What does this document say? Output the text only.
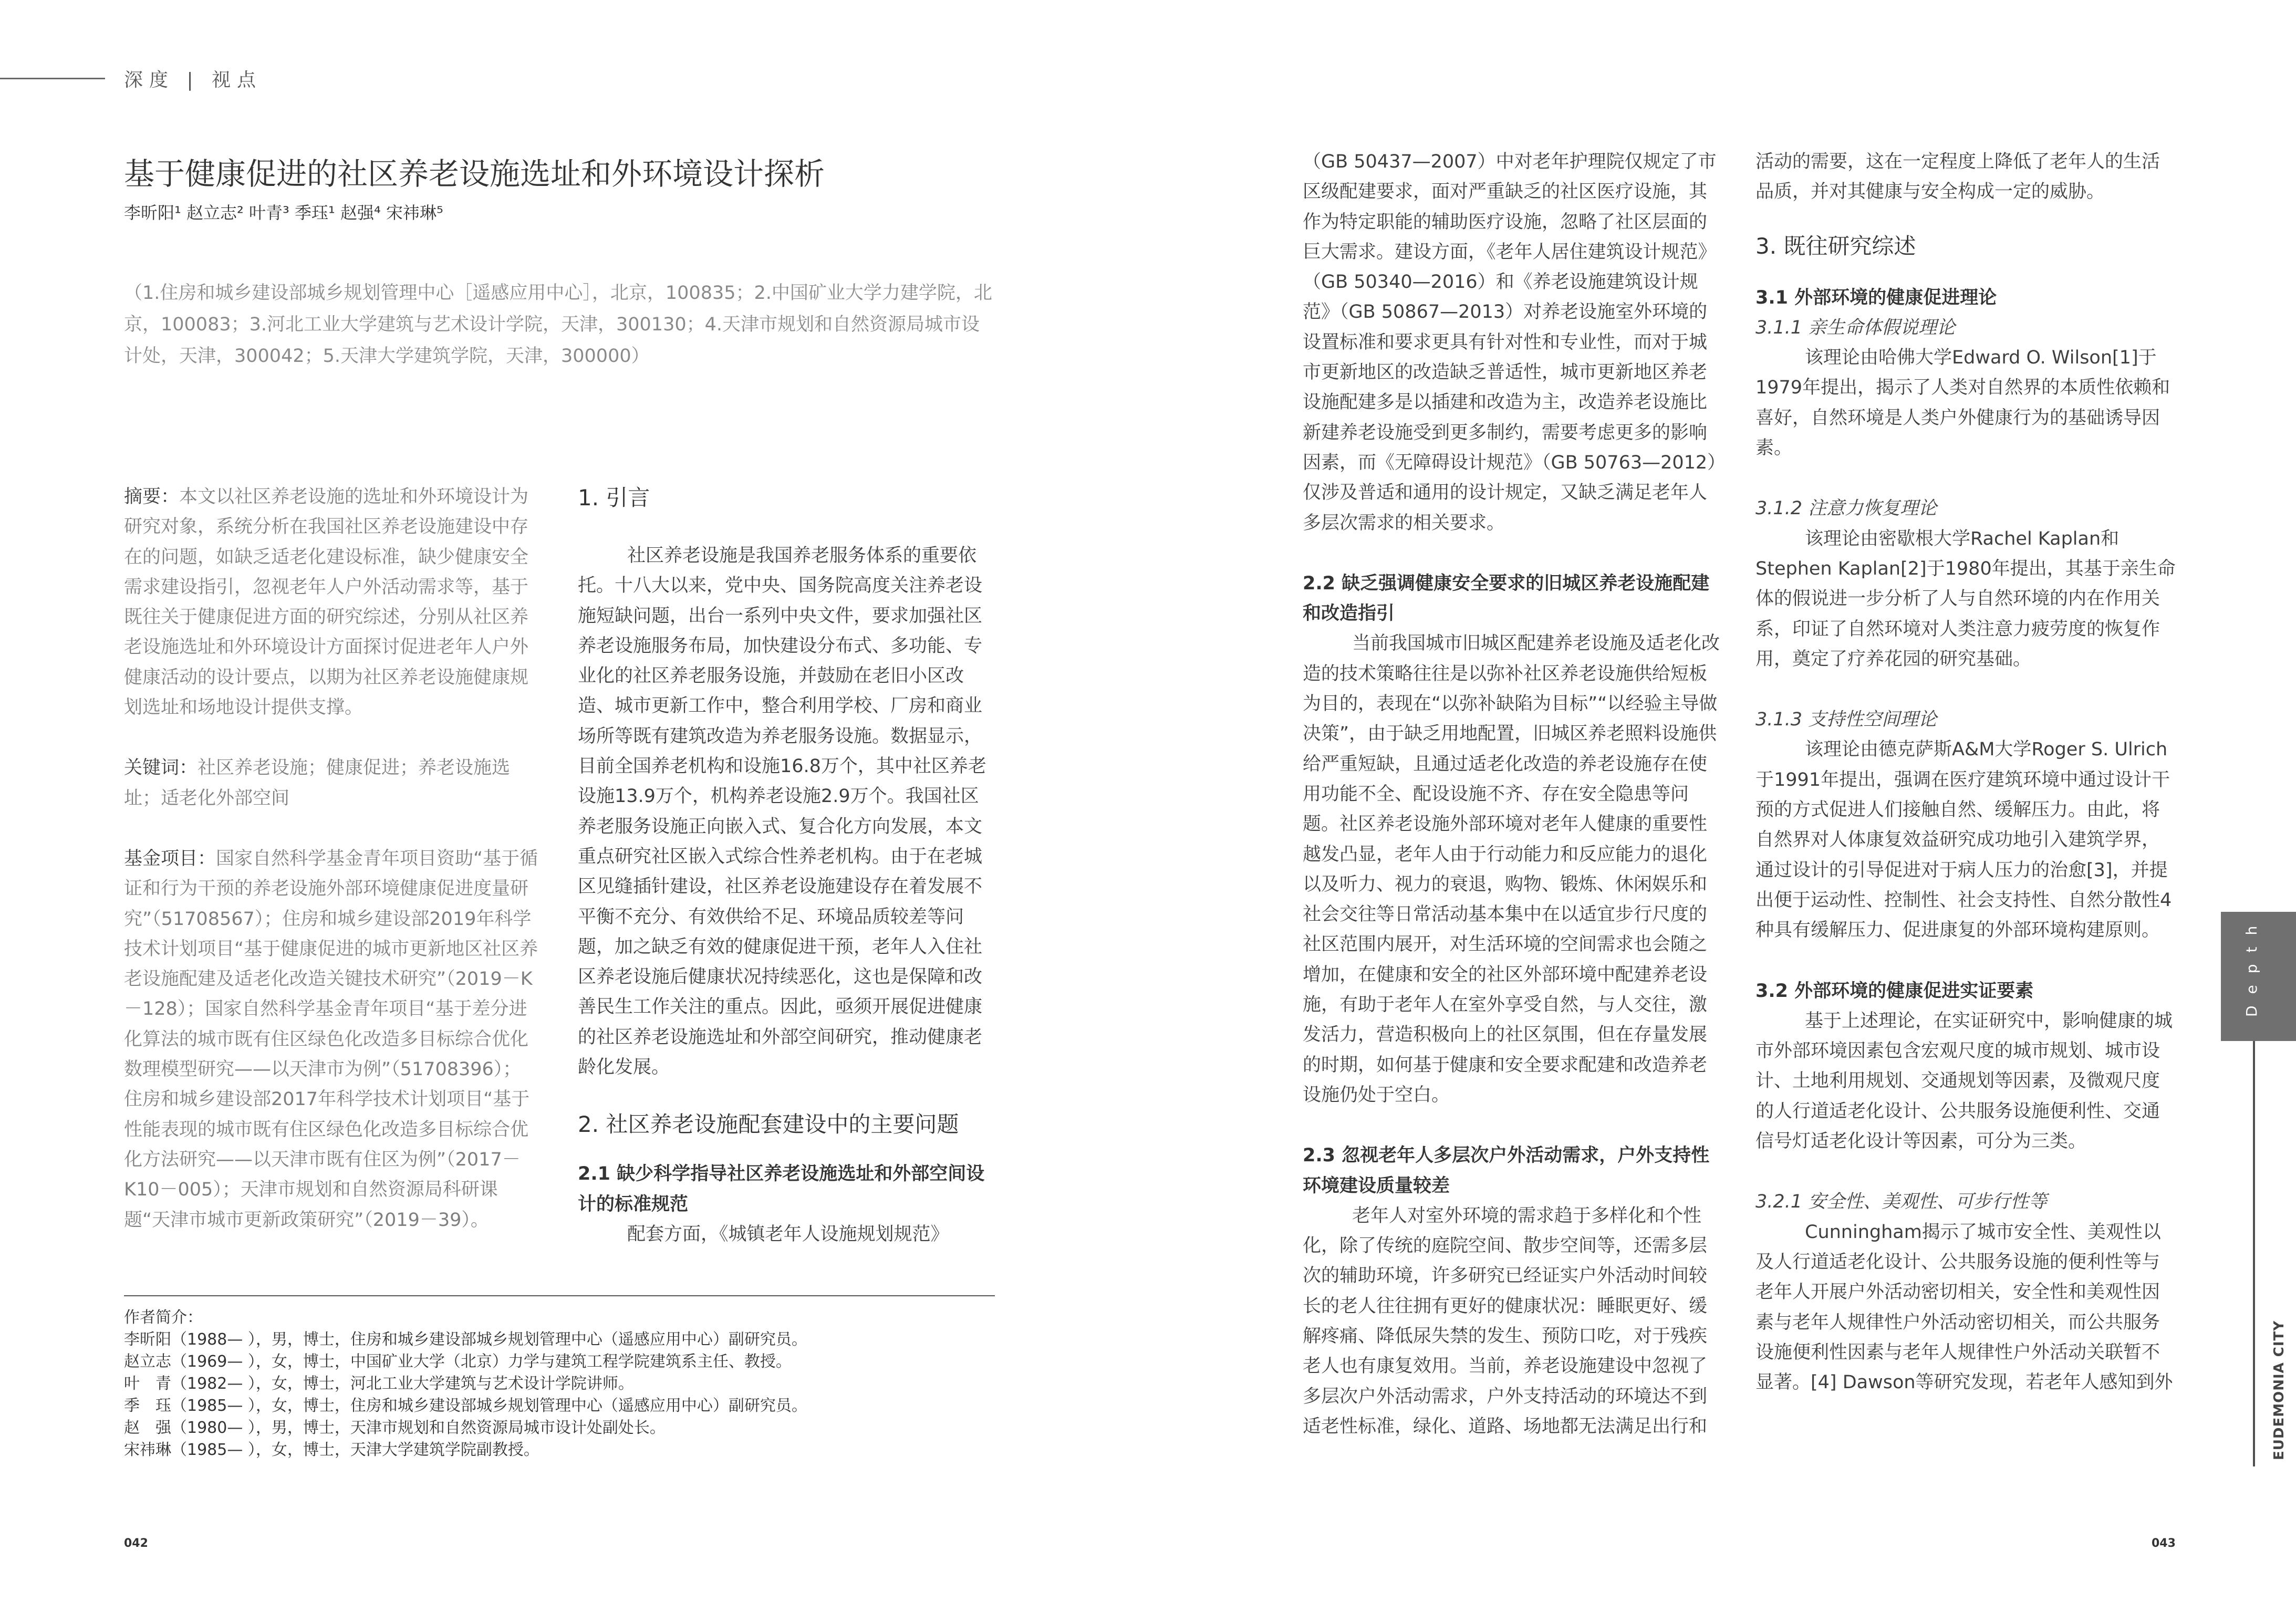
深度 | 视点
基于健康促进的社区养老设施选址和外环境设计探析
李昕阳¹ 赵立志² 叶青³ 季珏¹ 赵强⁴ 宋祎琳⁵
（1.住房和城乡建设部城乡规划管理中心［遥感应用中心］，北京，100835；2.中国矿业大学力建学院，北京，100083；3.河北工业大学建筑与艺术设计学院，天津，300130；4.天津市规划和自然资源局城市设计处，天津，300042；5.天津大学建筑学院，天津，300000）

摘要：本文以社区养老设施的选址和外环境设计为研究对象，系统分析在我国社区养老设施建设中存在的问题，如缺乏适老化建设标准，缺少健康安全需求建设指引，忽视老年人户外活动需求等，基于既往关于健康促进方面的研究综述，分别从社区养老设施选址和外环境设计方面探讨促进老年人户外健康活动的设计要点，以期为社区养老设施健康规划选址和场地设计提供支撑。

关键词：社区养老设施；健康促进；养老设施选址；适老化外部空间

基金项目：国家自然科学基金青年项目资助“基于循证和行为干预的养老设施外部环境健康促进度量研究”（51708567）；住房和城乡建设部2019年科学技术计划项目“基于健康促进的城市更新地区社区养老设施配建及适老化改造关键技术研究”（2019－K－128）；国家自然科学基金青年项目“基于差分进化算法的城市既有住区绿色化改造多目标综合优化数理模型研究——以天津市为例”（51708396）；住房和城乡建设部2017年科学技术计划项目“基于性能表现的城市既有住区绿色化改造多目标综合优化方法研究——以天津市既有住区为例”（2017－K10－005）；天津市规划和自然资源局科研课题“天津市城市更新政策研究”（2019－39）。

1. 引言

社区养老设施是我国养老服务体系的重要依托。十八大以来，党中央、国务院高度关注养老设施短缺问题，出台一系列中央文件，要求加强社区养老设施服务布局，加快建设分布式、多功能、专业化的社区养老服务设施，并鼓励在老旧小区改造、城市更新工作中，整合利用学校、厂房和商业场所等既有建筑改造为养老服务设施。数据显示，目前全国养老机构和设施16.8万个，其中社区养老设施13.9万个，机构养老设施2.9万个。我国社区养老服务设施正向嵌入式、复合化方向发展，本文重点研究社区嵌入式综合性养老机构。由于在老城区见缝插针建设，社区养老设施建设存在着发展不平衡不充分、有效供给不足、环境品质较差等问题，加之缺乏有效的健康促进干预，老年人入住社区养老设施后健康状况持续恶化，这也是保障和改善民生工作关注的重点。因此，亟须开展促进健康的社区养老设施选址和外部空间研究，推动健康老龄化发展。

2. 社区养老设施配套建设中的主要问题

2.1 缺少科学指导社区养老设施选址和外部空间设计的标准规范

配套方面，《城镇老年人设施规划规范》

（GB 50437—2007）中对老年护理院仅规定了市区级配建要求，面对严重缺乏的社区医疗设施，其作为特定职能的辅助医疗设施，忽略了社区层面的巨大需求。建设方面，《老年人居住建筑设计规范》（GB 50340—2016）和《养老设施建筑设计规范》（GB 50867—2013）对养老设施室外环境的设置标准和要求更具有针对性和专业性，而对于城市更新地区的改造缺乏普适性，城市更新地区养老设施配建多是以插建和改造为主，改造养老设施比新建养老设施受到更多制约，需要考虑更多的影响因素，而《无障碍设计规范》（GB 50763—2012）仅涉及普适和通用的设计规定，又缺乏满足老年人多层次需求的相关要求。

2.2 缺乏强调健康安全要求的旧城区养老设施配建和改造指引

当前我国城市旧城区配建养老设施及适老化改造的技术策略往往是以弥补社区养老设施供给短板为目的，表现在“以弥补缺陷为目标”“以经验主导做决策”，由于缺乏用地配置，旧城区养老照料设施供给严重短缺，且通过适老化改造的养老设施存在使用功能不全、配设设施不齐、存在安全隐患等问题。社区养老设施外部环境对老年人健康的重要性越发凸显，老年人由于行动能力和反应能力的退化以及听力、视力的衰退，购物、锻炼、休闲娱乐和社会交往等日常活动基本集中在以适宜步行尺度的社区范围内展开，对生活环境的空间需求也会随之增加，在健康和安全的社区外部环境中配建养老设施，有助于老年人在室外享受自然，与人交往，激发活力，营造积极向上的社区氛围，但在存量发展的时期，如何基于健康和安全要求配建和改造养老设施仍处于空白。

2.3 忽视老年人多层次户外活动需求，户外支持性环境建设质量较差

老年人对室外环境的需求趋于多样化和个性化，除了传统的庭院空间、散步空间等，还需多层次的辅助环境，许多研究已经证实户外活动时间较长的老人往往拥有更好的健康状况：睡眠更好、缓解疼痛、降低尿失禁的发生、预防口吃，对于残疾老人也有康复效用。当前，养老设施建设中忽视了多层次户外活动需求，户外支持活动的环境达不到适老性标准，绿化、道路、场地都无法满足出行和

活动的需要，这在一定程度上降低了老年人的生活品质，并对其健康与安全构成一定的威胁。

3. 既往研究综述

3.1 外部环境的健康促进理论

3.1.1 亲生命体假说理论

该理论由哈佛大学Edward O. Wilson[1]于1979年提出，揭示了人类对自然界的本质性依赖和喜好，自然环境是人类户外健康行为的基础诱导因素。

3.1.2 注意力恢复理论

该理论由密歇根大学Rachel Kaplan和Stephen Kaplan[2]于1980年提出，其基于亲生命体的假说进一步分析了人与自然环境的内在作用关系，印证了自然环境对人类注意力疲劳度的恢复作用，奠定了疗养花园的研究基础。

3.1.3 支持性空间理论

该理论由德克萨斯A&M大学Roger S. Ulrich于1991年提出，强调在医疗建筑环境中通过设计干预的方式促进人们接触自然、缓解压力。由此，将自然界对人体康复效益研究成功地引入建筑学界，通过设计的引导促进对于病人压力的治愈[3]，并提出便于运动性、控制性、社会支持性、自然分散性4种具有缓解压力、促进康复的外部环境构建原则。

3.2 外部环境的健康促进实证要素

基于上述理论，在实证研究中，影响健康的城市外部环境因素包含宏观尺度的城市规划、城市设计、土地利用规划、交通规划等因素，及微观尺度的人行道适老化设计、公共服务设施便利性、交通信号灯适老化设计等因素，可分为三类。

3.2.1 安全性、美观性、可步行性等

Cunningham揭示了城市安全性、美观性以及人行道适老化设计、公共服务设施的便利性等与老年人开展户外活动密切相关，安全性和美观性因素与老年人规律性户外活动密切相关，而公共服务设施便利性因素与老年人规律性户外活动关联暂不显著。[4] Dawson等研究发现，若老年人感知到外

作者简介：

李昕阳（1988— ），男，博士，住房和城乡建设部城乡规划管理中心（遥感应用中心）副研究员。

赵立志（1969— ），女，博士，中国矿业大学（北京）力学与建筑工程学院建筑系主任、教授。

叶　青（1982— ），女，博士，河北工业大学建筑与艺术设计学院讲师。

季　珏（1985— ），女，博士，住房和城乡建设部城乡规划管理中心（遥感应用中心）副研究员。

赵　强（1980— ），男，博士，天津市规划和自然资源局城市设计处副处长。

宋祎琳（1985— ），女，博士，天津大学建筑学院副教授。

042	043
Depth
EUDEMONIA CITY
